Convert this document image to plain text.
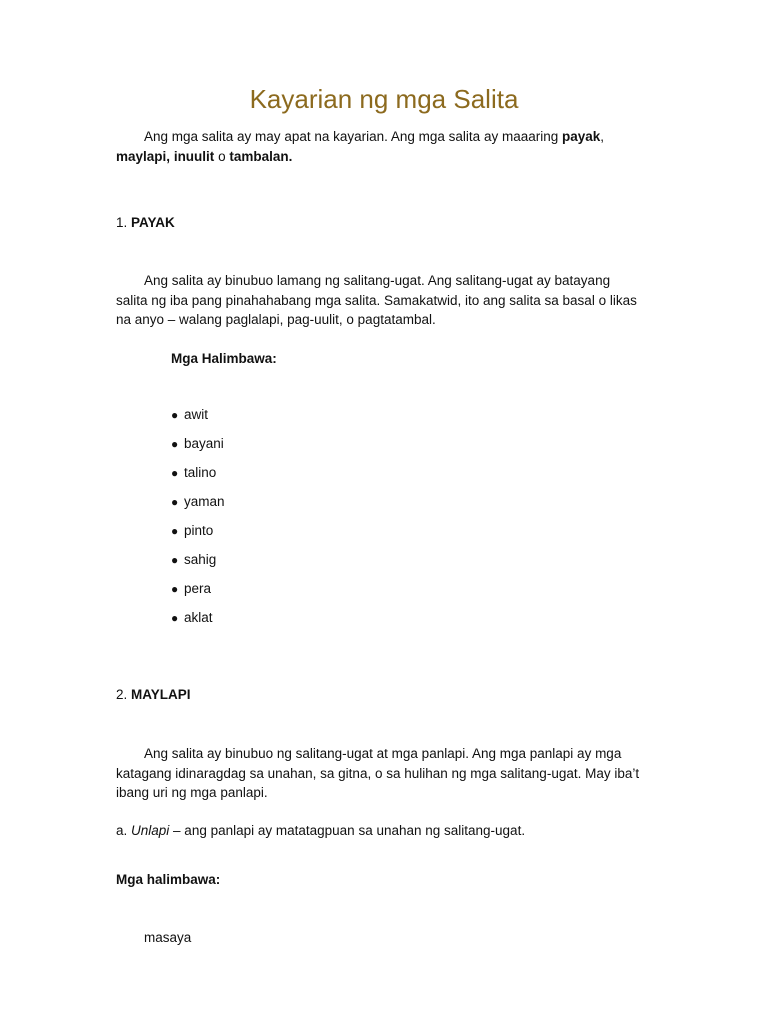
Kayarian ng mga Salita
Ang mga salita ay may apat na kayarian. Ang mga salita ay maaaring payak, maylapi, inuulit o tambalan.
1. PAYAK
Ang salita ay binubuo lamang ng salitang-ugat. Ang salitang-ugat ay batayang salita ng iba pang pinahahabang mga salita. Samakatwid, ito ang salita sa basal o likas na anyo – walang paglalapi, pag-uulit, o pagtatambal.
Mga Halimbawa:
● awit
● bayani
● talino
● yaman
● pinto
● sahig
● pera
● aklat
2. MAYLAPI
Ang salita ay binubuo ng salitang-ugat at mga panlapi. Ang mga panlapi ay mga katagang idinaragdag sa unahan, sa gitna, o sa hulihan ng mga salitang-ugat. May iba’t ibang uri ng mga panlapi.
a. Unlapi – ang panlapi ay matatagpuan sa unahan ng salitang-ugat.
Mga halimbawa:
masaya
